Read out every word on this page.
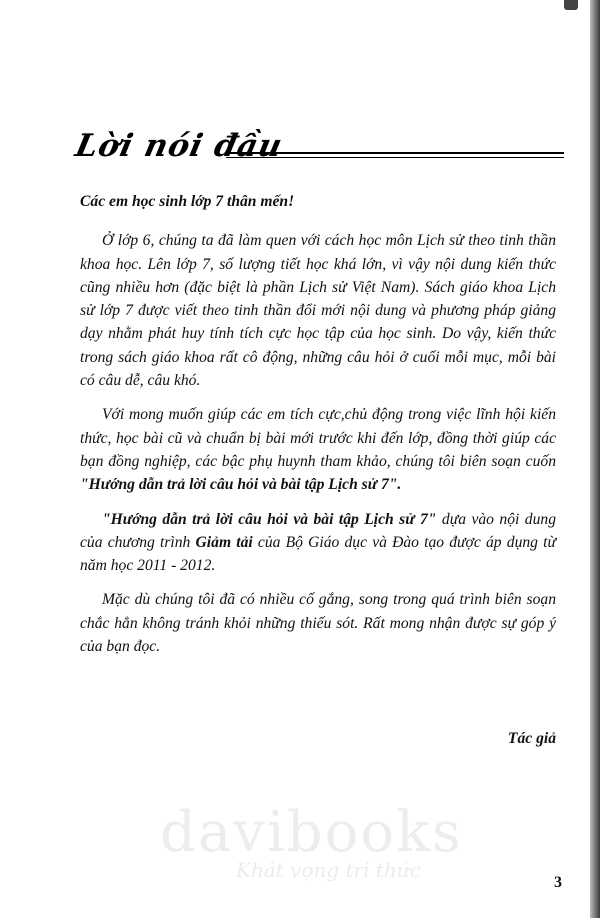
Lời nói đầu

Các em học sinh lớp 7 thân mến!

Ở lớp 6, chúng ta đã làm quen với cách học môn Lịch sử theo tinh thần khoa học. Lên lớp 7, số lượng tiết học khá lớn, vì vậy nội dung kiến thức cũng nhiều hơn (đặc biệt là phần Lịch sử Việt Nam). Sách giáo khoa Lịch sử lớp 7 được viết theo tinh thần đổi mới nội dung và phương pháp giảng dạy nhằm phát huy tính tích cực học tập của học sinh. Do vậy, kiến thức trong sách giáo khoa rất cô động, những câu hỏi ở cuối mỗi mục, mỗi bài có câu dễ, câu khó.

Với mong muốn giúp các em tích cực,chủ động trong việc lĩnh hội kiến thức, học bài cũ và chuẩn bị bài mới trước khi đến lớp, đồng thời giúp các bạn đồng nghiệp, các bậc phụ huynh tham khảo, chúng tôi biên soạn cuốn "Hướng dẫn trả lời câu hỏi và bài tập Lịch sử 7".

"Hướng dẫn trả lời câu hỏi và bài tập Lịch sử 7" dựa vào nội dung của chương trình Giảm tải của Bộ Giáo dục và Đào tạo được áp dụng từ năm học 2011 - 2012.

Mặc dù chúng tôi đã có nhiều cố gắng, song trong quá trình biên soạn chắc hẳn không tránh khỏi những thiếu sót. Rất mong nhận được sự góp ý của bạn đọc.

Tác giả
davibooks
Khát vọng tri thức
3
